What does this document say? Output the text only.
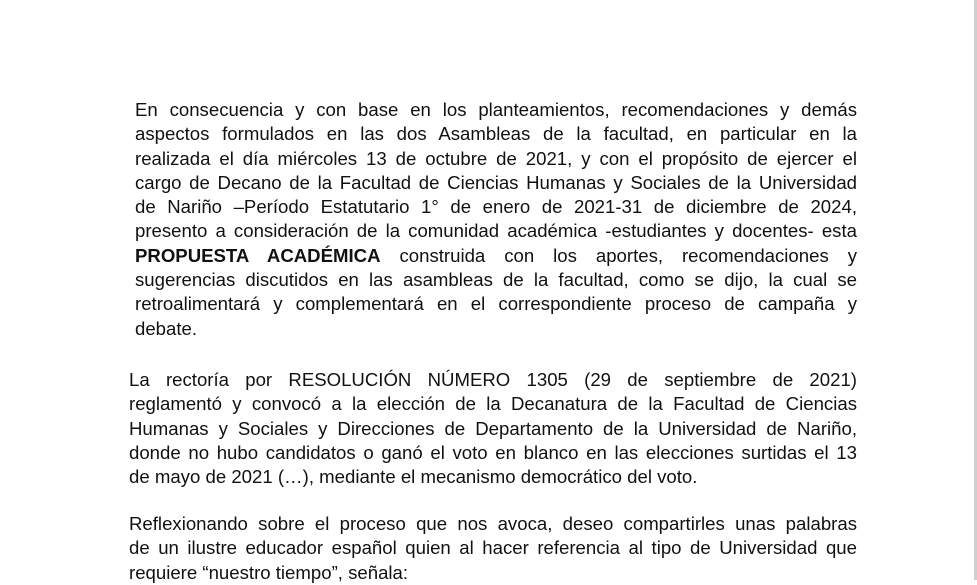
En consecuencia y con base en los planteamientos, recomendaciones y demás
aspectos formulados en las dos Asambleas de la facultad, en particular en la
realizada el día miércoles 13 de octubre de 2021, y con el propósito de ejercer el
cargo de Decano de la Facultad de Ciencias Humanas y Sociales de la Universidad
de Nariño –Período Estatutario 1° de enero de 2021-31 de diciembre de 2024,
presento a consideración de la comunidad académica -estudiantes y docentes- esta
PROPUESTA ACADÉMICA construida con los aportes, recomendaciones y
sugerencias discutidos en las asambleas de la facultad, como se dijo, la cual se
retroalimentará y complementará en el correspondiente proceso de campaña y
debate.
La rectoría por RESOLUCIÓN NÚMERO 1305 (29 de septiembre de 2021)
reglamentó y convocó a la elección de la Decanatura de la Facultad de Ciencias
Humanas y Sociales y Direcciones de Departamento de la Universidad de Nariño,
donde no hubo candidatos o ganó el voto en blanco en las elecciones surtidas el 13
de mayo de 2021 (…), mediante el mecanismo democrático del voto.
Reflexionando sobre el proceso que nos avoca, deseo compartirles unas palabras
de un ilustre educador español quien al hacer referencia al tipo de Universidad que
requiere “nuestro tiempo”, señala:
